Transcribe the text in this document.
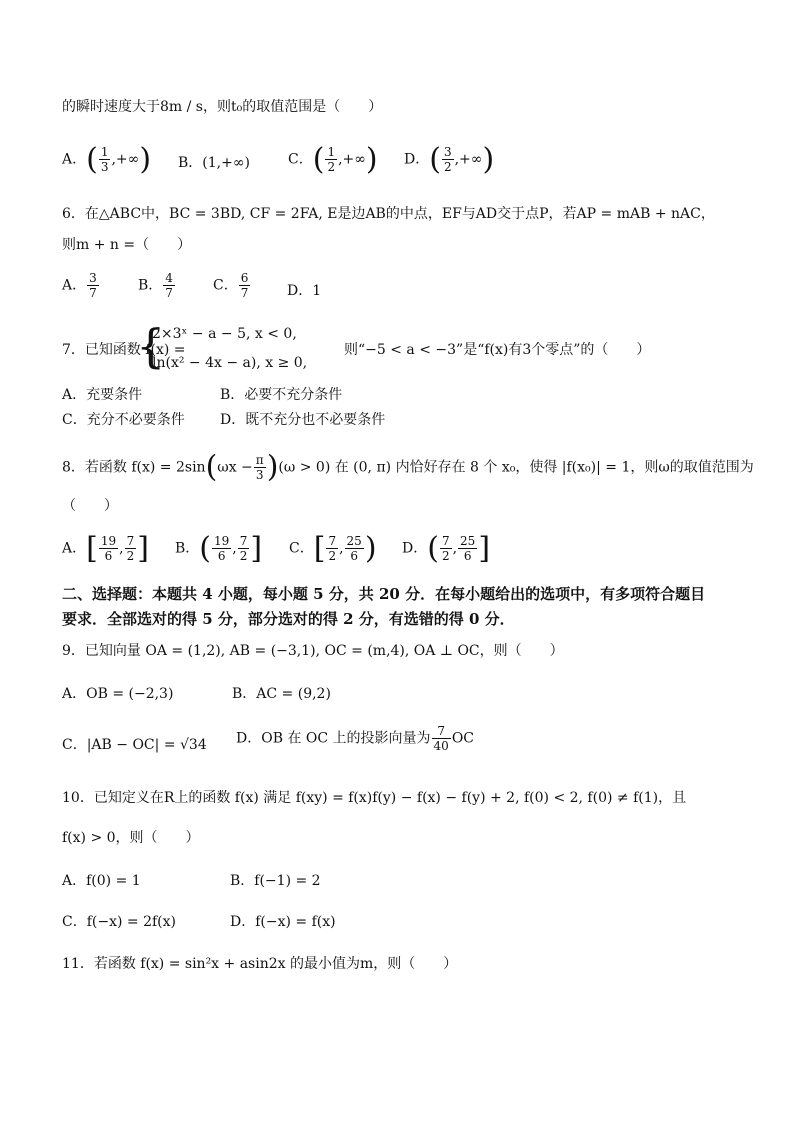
的瞬时速度大于8m / s，则t₀的取值范围是（　　）
A．( $\frac{1}{3}$ ,+∞) B．(1,+∞)	C．( $\frac{1}{2}$ ,+∞) D．( $\frac{3}{2}$ ,+∞)
6．在△ABC中，BC = 3BD, CF = 2FA, E是边AB的中点，EF与AD交于点P，若AP = mAB + nAC，
则m + n =（　　）
A． $\frac{3}{7}$	B． $\frac{4}{7}$	C． $\frac{6}{7}$	D．1
7．已知函数 f(x) =
{
2×3ˣ − a − 5, x < 0,
ln(x² − 4x − a), x ≥ 0,
则“−5 < a < −3”是“f(x)有3个零点”的（　　）
A．充要条件	B．必要不充分条件
C．充分不必要条件	D．既不充分也不必要条件
8．若函数 $f(x) = 2\sin(\omega x - \frac{\pi}{3} )(\omega > 0)$ 在 (0, π) 内恰好存在 8 个 x₀，使得 |f(x₀)| = 1，则ω的取值范围为
（　　）
A．[ $\frac{19}{6}$ , $\frac{7}{2}$ ] B．( $\frac{19}{6}$ , $\frac{7}{2}$ ] C．[ $\frac{7}{2}$ , $\frac{25}{6}$ ) D．( $\frac{7}{2}$ , $\frac{25}{6}$ ]
二、选择题：本题共 4 小题，每小题 5 分，共 20 分．在每小题给出的选项中，有多项符合题目
要求．全部选对的得 5 分，部分选对的得 2 分，有选错的得 0 分．
9．已知向量 OA = (1,2), AB = (−3,1), OC = (m,4), OA ⊥ OC，则（　　）
A．OB = (−2,3)	B．AC = (9,2)
C．|AB − OC| = √34 D．OB 在 OC 上的投影向量为 $\frac{7}{40}$ OC
10．已知定义在R上的函数 f(x) 满足 f(xy) = f(x)f(y) − f(x) − f(y) + 2, f(0) < 2, f(0) ≠ f(1)，且
f(x) > 0，则（　　）
A．f(0) = 1	B．f(−1) = 2
C．f(−x) = 2f(x)	D．f(−x) = f(x)
11．若函数 f(x) = sin²x + asin2x 的最小值为m，则（　　）
